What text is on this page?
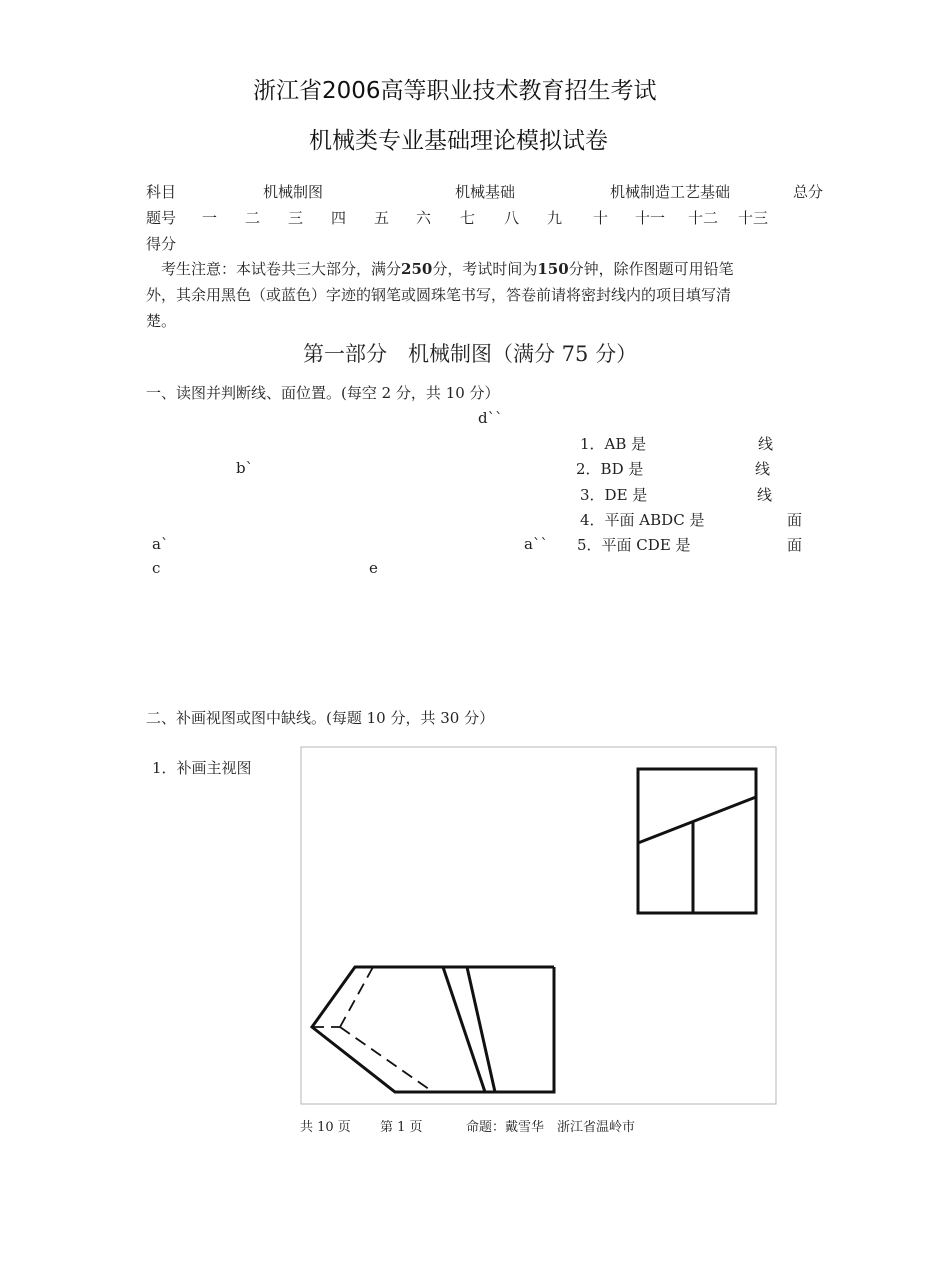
浙江省2006高等职业技术教育招生考试
机械类专业基础理论模拟试卷
科目	机械制图	机械基础	机械制造工艺基础	总分
题号 一 二 三 四 五 六 七 八 九 十 十一 十二 十三
得分
考生注意：本试卷共三大部分，满分250分，考试时间为150分钟，除作图题可用铅笔
外，其余用黑色（或蓝色）字迹的钢笔或圆珠笔书写，答卷前请将密封线内的项目填写清
楚。
第一部分　机械制图（满分 75 分）
一、读图并判断线、面位置。(每空 2 分，共 10 分）
d``
b`
a`	a``
c	e
1．AB 是	线
2．BD 是	线
3．DE 是	线
4．平面 ABDC 是	面
5．平面 CDE 是	面
二、补画视图或图中缺线。(每题 10 分，共 30 分）
1．补画主视图
共 10 页 第 1 页	命题：戴雪华　浙江省温岭市
